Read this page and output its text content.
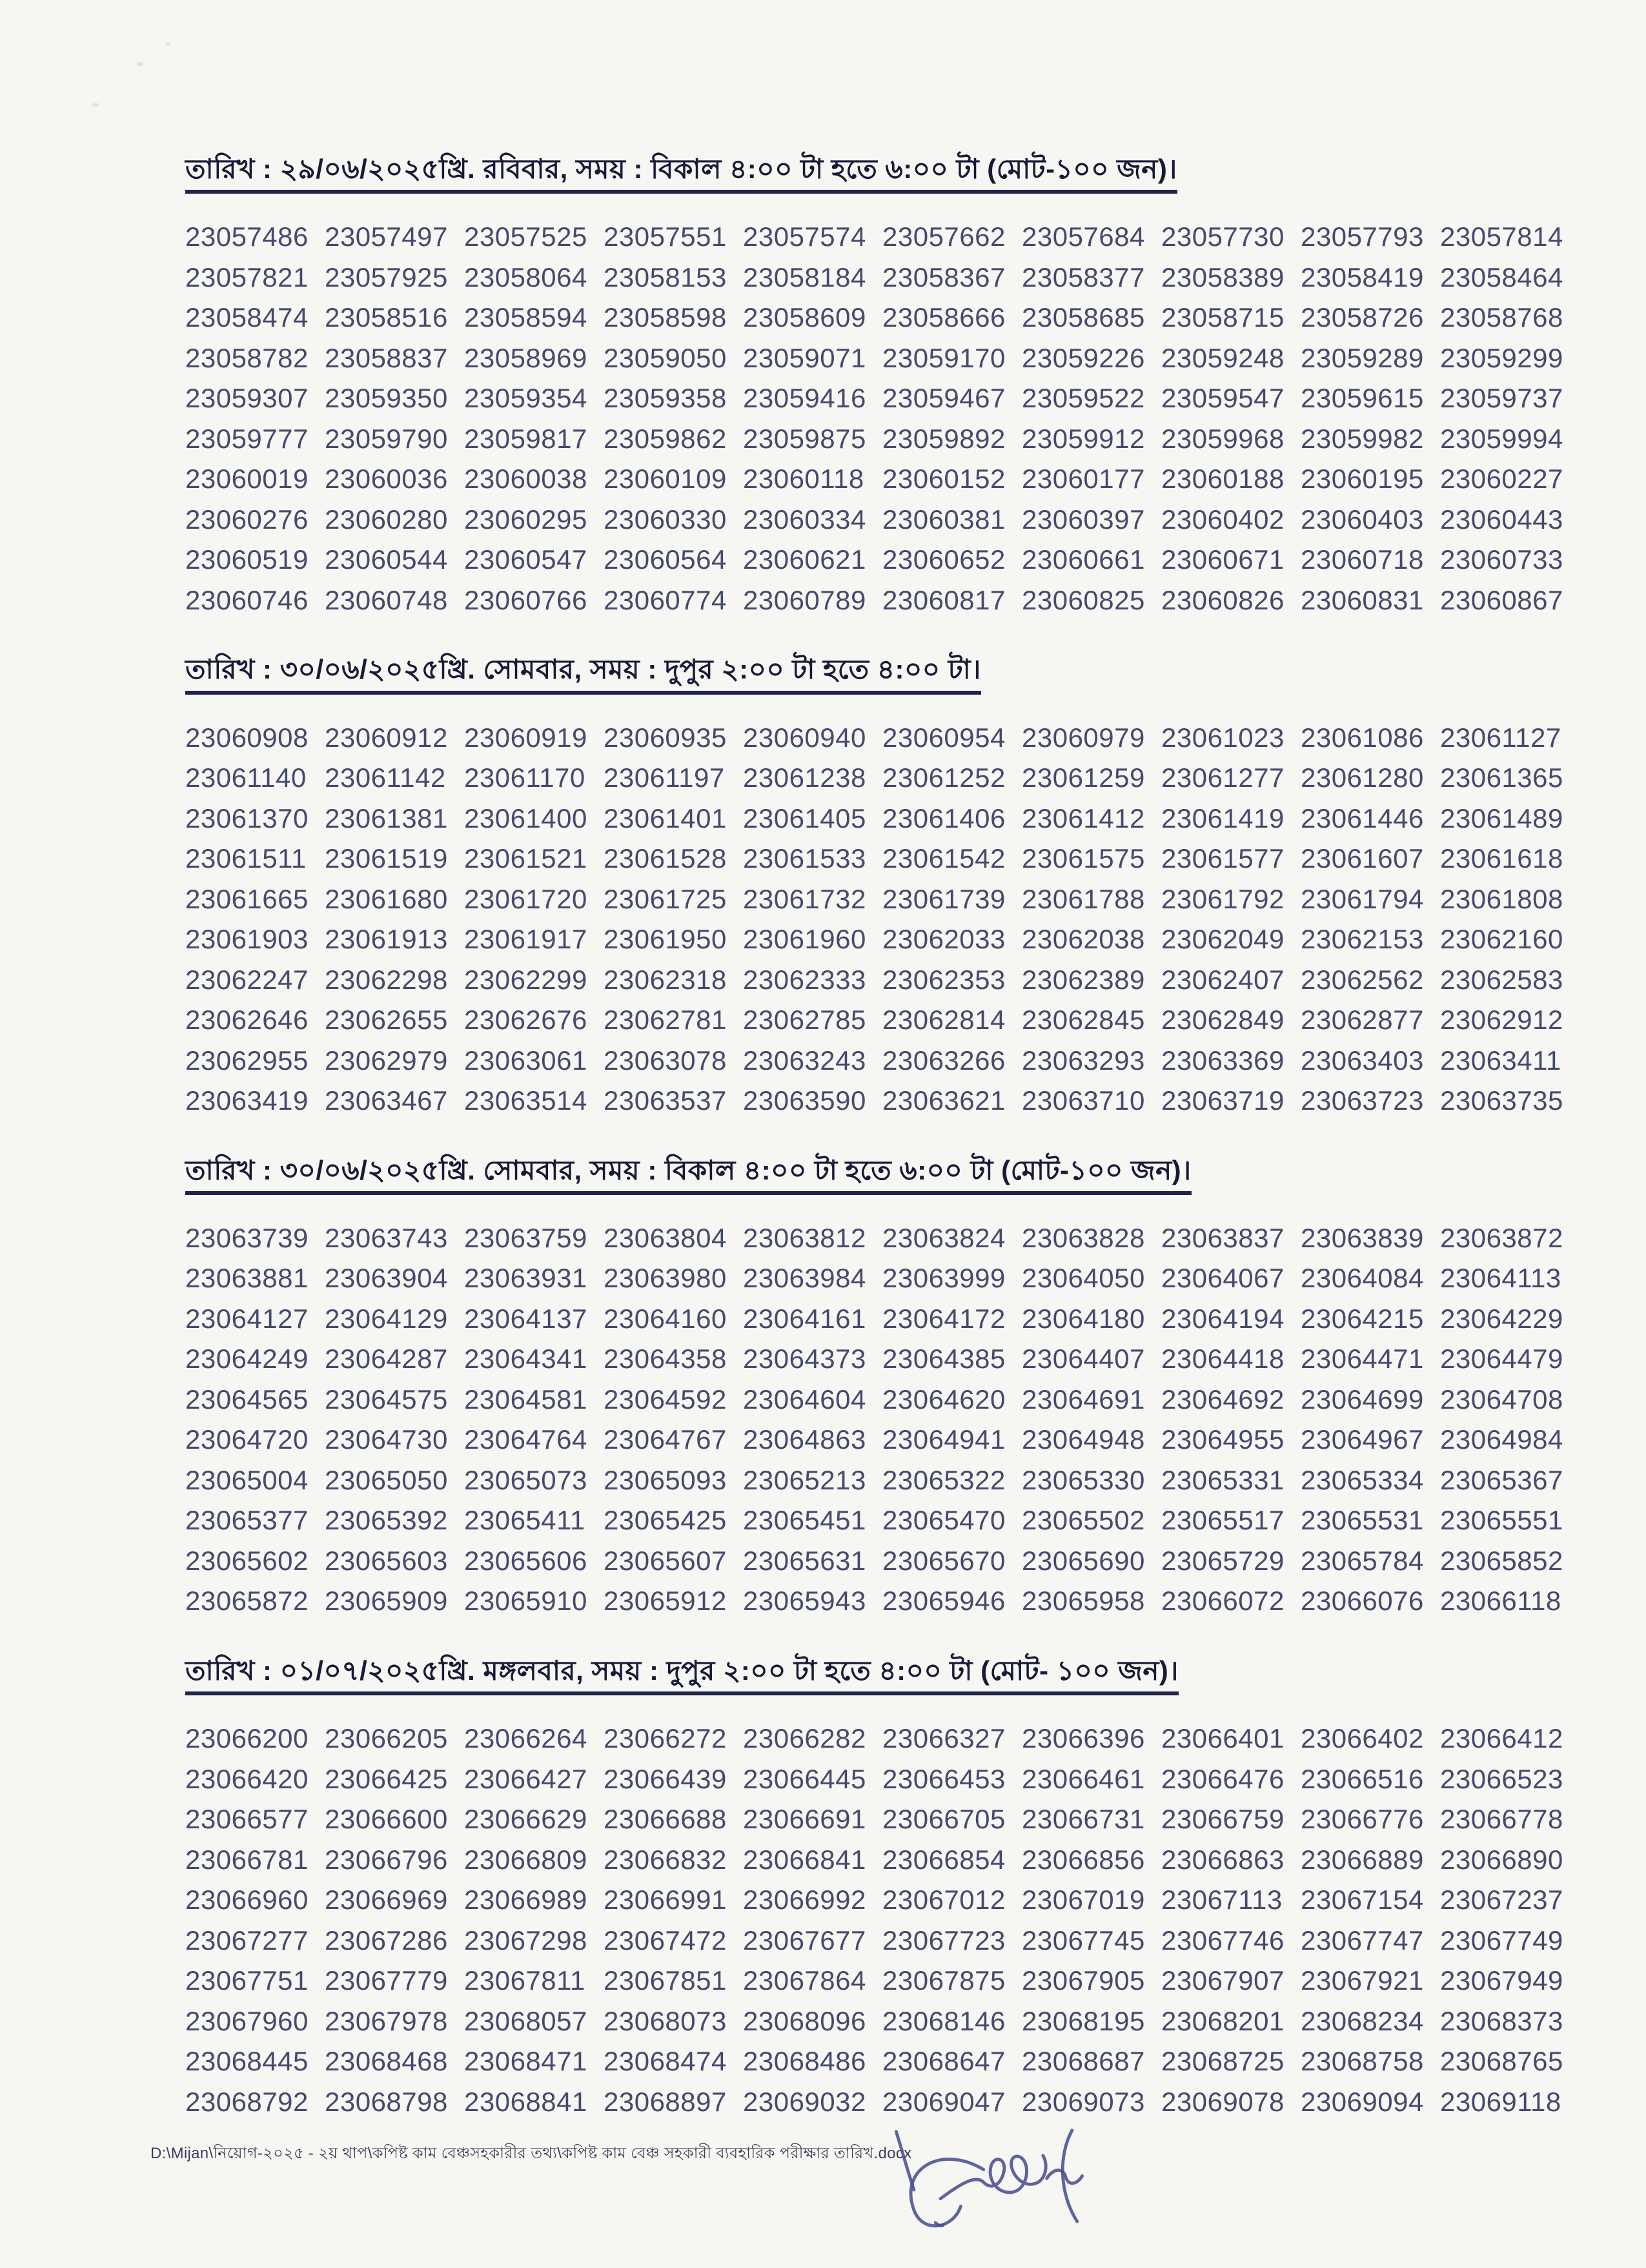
তারিখ : ২৯/০৬/২০২৫খ্রি. রবিবার, সময় : বিকাল ৪:০০ টা হতে ৬:০০ টা (মোট-১০০ জন)।
23057486 23057497 23057525 23057551 23057574 23057662 23057684 23057730 23057793 23057814
23057821 23057925 23058064 23058153 23058184 23058367 23058377 23058389 23058419 23058464
23058474 23058516 23058594 23058598 23058609 23058666 23058685 23058715 23058726 23058768
23058782 23058837 23058969 23059050 23059071 23059170 23059226 23059248 23059289 23059299
23059307 23059350 23059354 23059358 23059416 23059467 23059522 23059547 23059615 23059737
23059777 23059790 23059817 23059862 23059875 23059892 23059912 23059968 23059982 23059994
23060019 23060036 23060038 23060109 23060118 23060152 23060177 23060188 23060195 23060227
23060276 23060280 23060295 23060330 23060334 23060381 23060397 23060402 23060403 23060443
23060519 23060544 23060547 23060564 23060621 23060652 23060661 23060671 23060718 23060733
23060746 23060748 23060766 23060774 23060789 23060817 23060825 23060826 23060831 23060867
তারিখ : ৩০/০৬/২০২৫খ্রি. সোমবার, সময় : দুপুর ২:০০ টা হতে ৪:০০ টা।
23060908 23060912 23060919 23060935 23060940 23060954 23060979 23061023 23061086 23061127
23061140 23061142 23061170 23061197 23061238 23061252 23061259 23061277 23061280 23061365
23061370 23061381 23061400 23061401 23061405 23061406 23061412 23061419 23061446 23061489
23061511 23061519 23061521 23061528 23061533 23061542 23061575 23061577 23061607 23061618
23061665 23061680 23061720 23061725 23061732 23061739 23061788 23061792 23061794 23061808
23061903 23061913 23061917 23061950 23061960 23062033 23062038 23062049 23062153 23062160
23062247 23062298 23062299 23062318 23062333 23062353 23062389 23062407 23062562 23062583
23062646 23062655 23062676 23062781 23062785 23062814 23062845 23062849 23062877 23062912
23062955 23062979 23063061 23063078 23063243 23063266 23063293 23063369 23063403 23063411
23063419 23063467 23063514 23063537 23063590 23063621 23063710 23063719 23063723 23063735
তারিখ : ৩০/০৬/২০২৫খ্রি. সোমবার, সময় : বিকাল ৪:০০ টা হতে ৬:০০ টা (মোট-১০০ জন)।
23063739 23063743 23063759 23063804 23063812 23063824 23063828 23063837 23063839 23063872
23063881 23063904 23063931 23063980 23063984 23063999 23064050 23064067 23064084 23064113
23064127 23064129 23064137 23064160 23064161 23064172 23064180 23064194 23064215 23064229
23064249 23064287 23064341 23064358 23064373 23064385 23064407 23064418 23064471 23064479
23064565 23064575 23064581 23064592 23064604 23064620 23064691 23064692 23064699 23064708
23064720 23064730 23064764 23064767 23064863 23064941 23064948 23064955 23064967 23064984
23065004 23065050 23065073 23065093 23065213 23065322 23065330 23065331 23065334 23065367
23065377 23065392 23065411 23065425 23065451 23065470 23065502 23065517 23065531 23065551
23065602 23065603 23065606 23065607 23065631 23065670 23065690 23065729 23065784 23065852
23065872 23065909 23065910 23065912 23065943 23065946 23065958 23066072 23066076 23066118
তারিখ : ০১/০৭/২০২৫খ্রি. মঙ্গলবার, সময় : দুপুর ২:০০ টা হতে ৪:০০ টা (মোট- ১০০ জন)।
23066200 23066205 23066264 23066272 23066282 23066327 23066396 23066401 23066402 23066412
23066420 23066425 23066427 23066439 23066445 23066453 23066461 23066476 23066516 23066523
23066577 23066600 23066629 23066688 23066691 23066705 23066731 23066759 23066776 23066778
23066781 23066796 23066809 23066832 23066841 23066854 23066856 23066863 23066889 23066890
23066960 23066969 23066989 23066991 23066992 23067012 23067019 23067113 23067154 23067237
23067277 23067286 23067298 23067472 23067677 23067723 23067745 23067746 23067747 23067749
23067751 23067779 23067811 23067851 23067864 23067875 23067905 23067907 23067921 23067949
23067960 23067978 23068057 23068073 23068096 23068146 23068195 23068201 23068234 23068373
23068445 23068468 23068471 23068474 23068486 23068647 23068687 23068725 23068758 23068765
23068792 23068798 23068841 23068897 23069032 23069047 23069073 23069078 23069094 23069118
D:\Mijan\নিয়োগ-২০২৫ - ২য় থাপ\কপিষ্ট কাম বেঞ্চসহকারীর তথ্য\কপিষ্ট কাম বেঞ্চ সহকারী ব্যবহারিক পরীক্ষার তারিখ.docx
